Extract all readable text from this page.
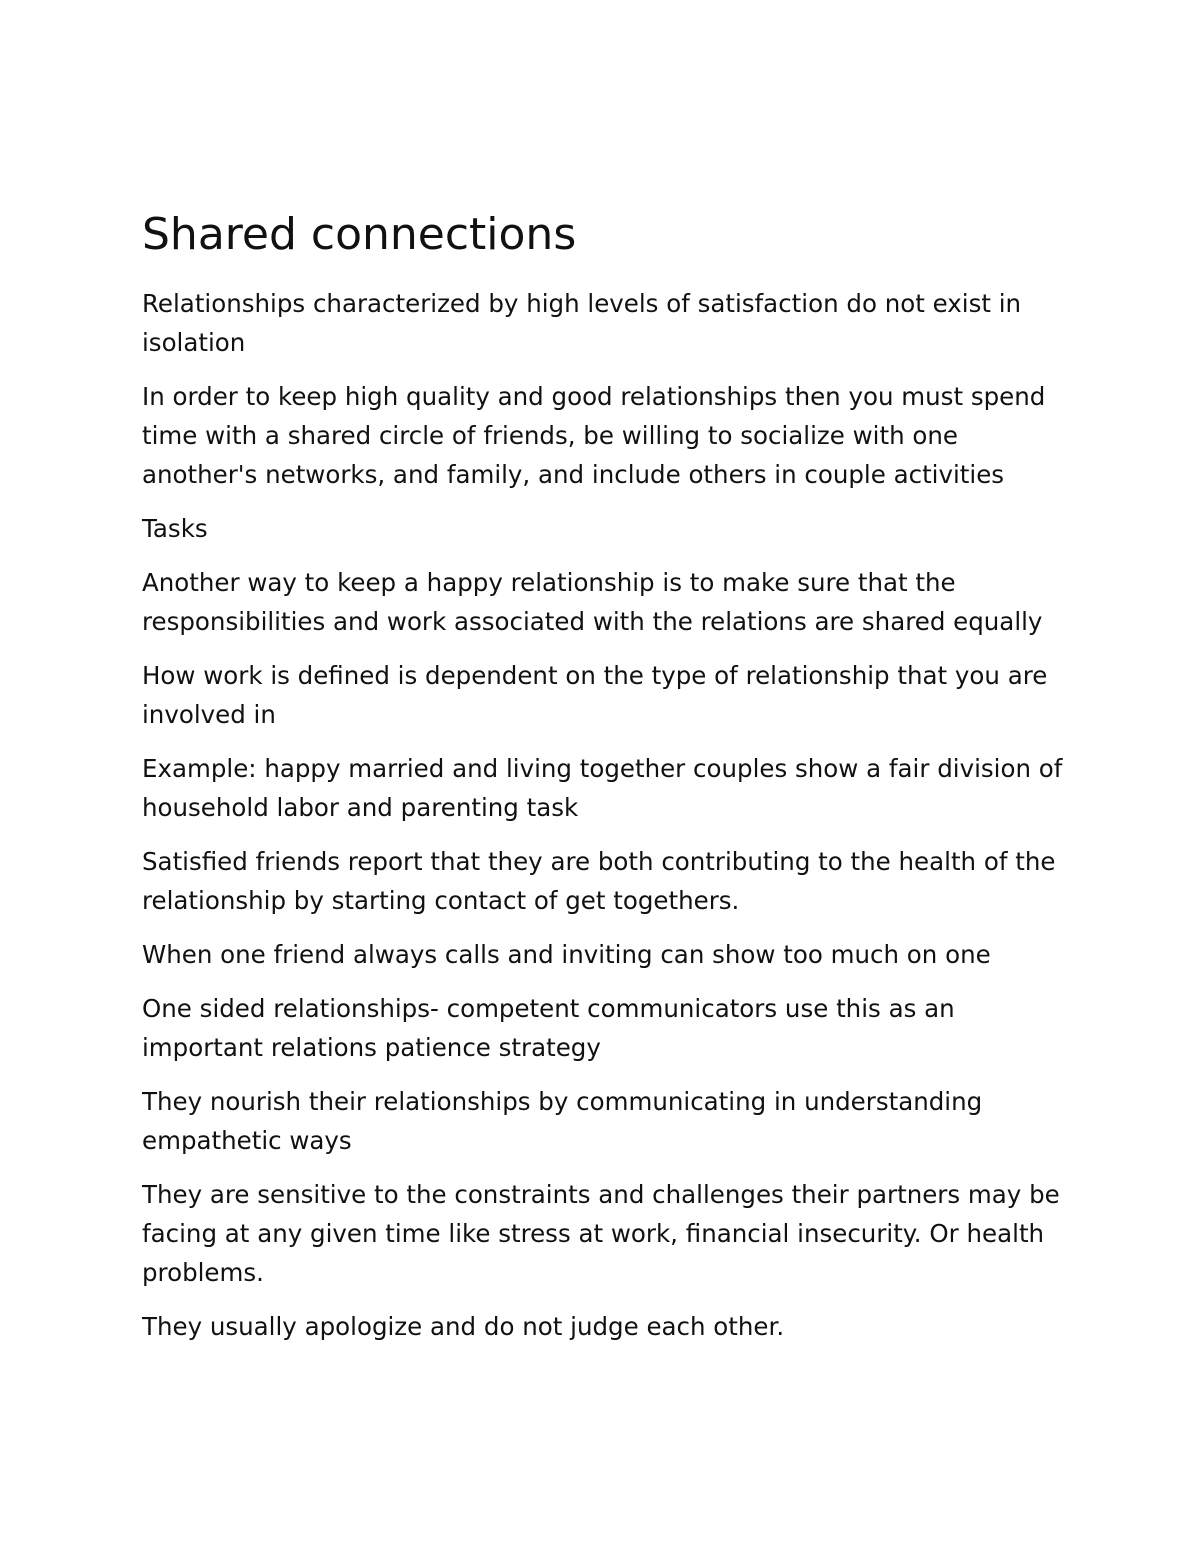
Shared connections

Relationships characterized by high levels of satisfaction do not exist in isolation

In order to keep high quality and good relationships then you must spend time with a shared circle of friends, be willing to socialize with one another's networks, and family, and include others in couple activities

Tasks

Another way to keep a happy relationship is to make sure that the responsibilities and work associated with the relations are shared equally

How work is defined is dependent on the type of relationship that you are involved in

Example: happy married and living together couples show a fair division of household labor and parenting task

Satisfied friends report that they are both contributing to the health of the relationship by starting contact of get togethers.

When one friend always calls and inviting can show too much on one

One sided relationships- competent communicators use this as an important relations patience strategy

They nourish their relationships by communicating in understanding empathetic ways

They are sensitive to the constraints and challenges their partners may be facing at any given time like stress at work, financial insecurity. Or health problems.

They usually apologize and do not judge each other.
